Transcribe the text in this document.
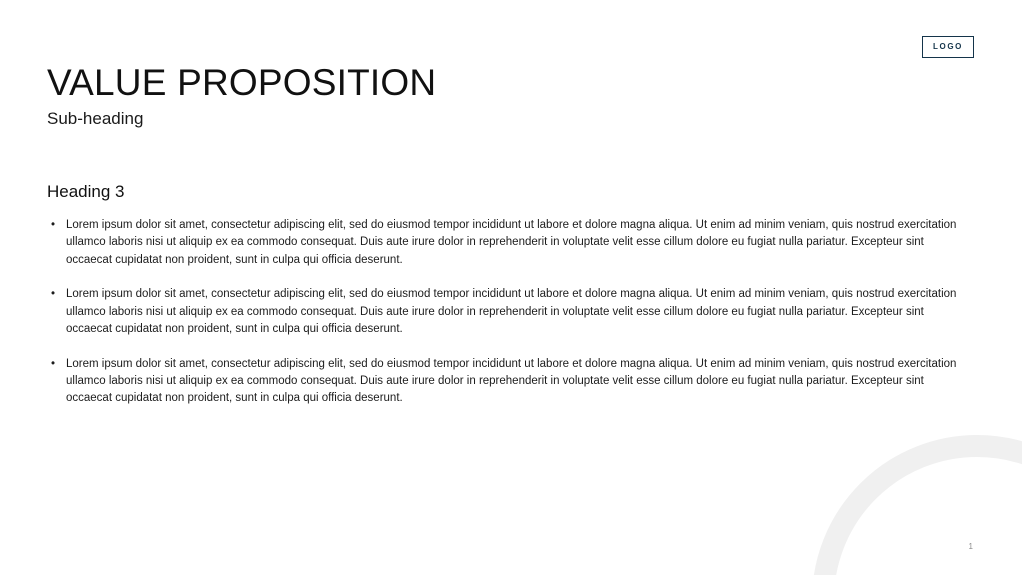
LOGO
VALUE PROPOSITION
Sub-heading
Heading 3
• Lorem ipsum dolor sit amet, consectetur adipiscing elit, sed do eiusmod tempor incididunt ut labore et dolore magna aliqua. Ut enim ad minim veniam, quis nostrud exercitation ullamco laboris nisi ut aliquip ex ea commodo consequat. Duis aute irure dolor in reprehenderit in voluptate velit esse cillum dolore eu fugiat nulla pariatur. Excepteur sint occaecat cupidatat non proident, sunt in culpa qui officia deserunt.
• Lorem ipsum dolor sit amet, consectetur adipiscing elit, sed do eiusmod tempor incididunt ut labore et dolore magna aliqua. Ut enim ad minim veniam, quis nostrud exercitation ullamco laboris nisi ut aliquip ex ea commodo consequat. Duis aute irure dolor in reprehenderit in voluptate velit esse cillum dolore eu fugiat nulla pariatur. Excepteur sint occaecat cupidatat non proident, sunt in culpa qui officia deserunt.
• Lorem ipsum dolor sit amet, consectetur adipiscing elit, sed do eiusmod tempor incididunt ut labore et dolore magna aliqua. Ut enim ad minim veniam, quis nostrud exercitation ullamco laboris nisi ut aliquip ex ea commodo consequat. Duis aute irure dolor in reprehenderit in voluptate velit esse cillum dolore eu fugiat nulla pariatur. Excepteur sint occaecat cupidatat non proident, sunt in culpa qui officia deserunt.
1
